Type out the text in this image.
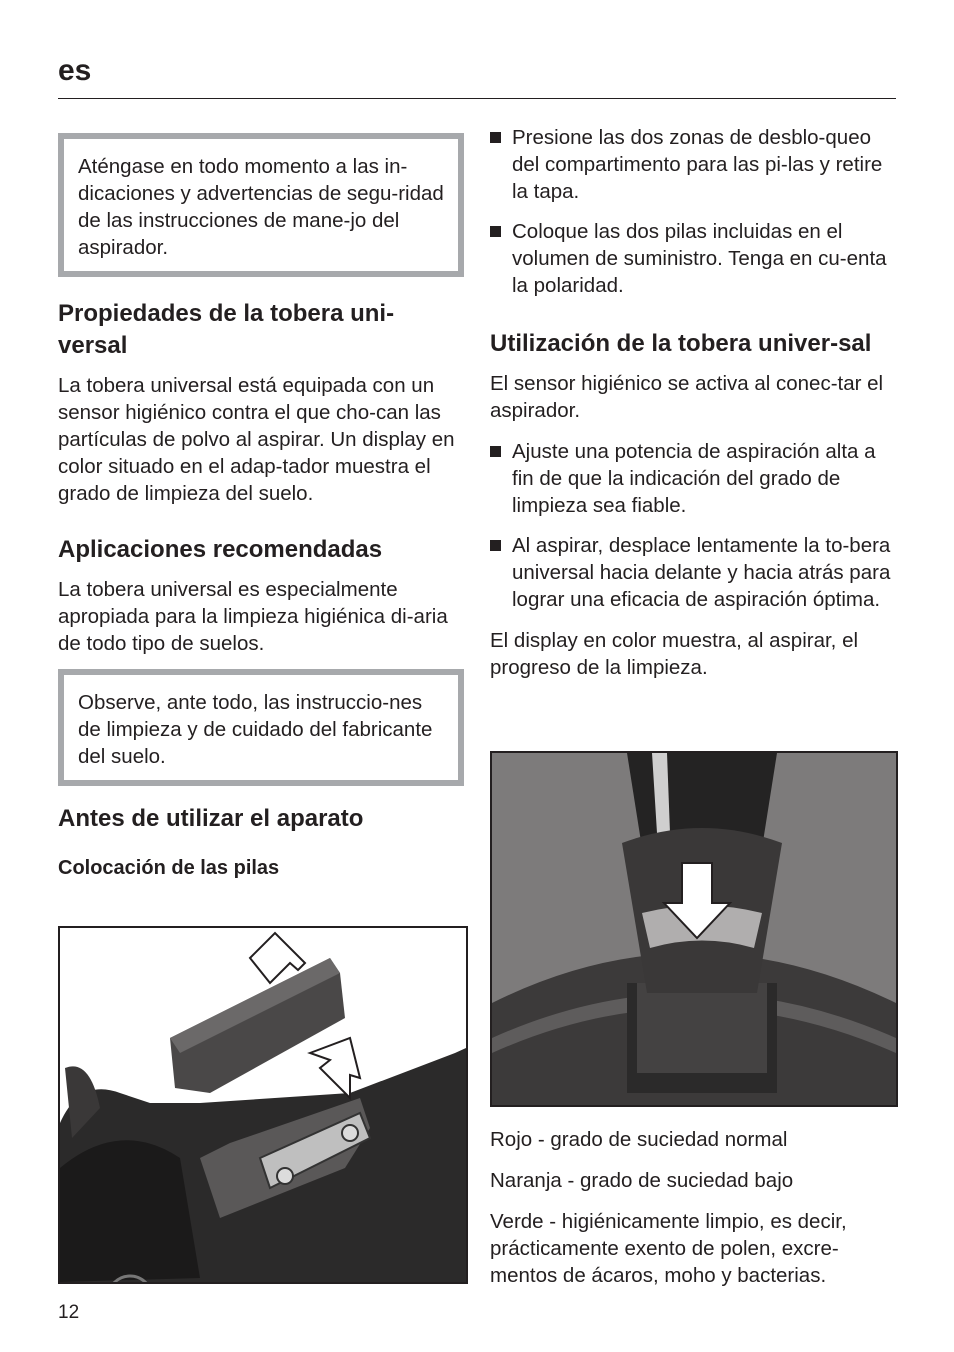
es

Aténgase en todo momento a las in-dicaciones y advertencias de segu-ridad de las instrucciones de mane-jo del aspirador.

Propiedades de la tobera uni-versal

La tobera universal está equipada con un sensor higiénico contra el que cho-can las partículas de polvo al aspirar. Un display en color situado en el adap-tador muestra el grado de limpieza del suelo.

Aplicaciones recomendadas

La tobera universal es especialmente apropiada para la limpieza higiénica di-aria de todo tipo de suelos.

Observe, ante todo, las instruccio-nes de limpieza y de cuidado del fabricante del suelo.

Antes de utilizar el aparato
Colocación de las pilas
Presione las dos zonas de desblo-queo del compartimento para las pi-las y retire la tapa.
Coloque las dos pilas incluidas en el volumen de suministro. Tenga en cu-enta la polaridad.
Utilización de la tobera univer-sal

El sensor higiénico se activa al conec-tar el aspirador.

Ajuste una potencia de aspiración alta a fin de que la indicación del grado de limpieza sea fiable.
Al aspirar, desplace lentamente la to-bera universal hacia delante y hacia atrás para lograr una eficacia de aspiración óptima.

El display en color muestra, al aspirar, el progreso de la limpieza.

Rojo - grado de suciedad normal

Naranja - grado de suciedad bajo

Verde - higiénicamente limpio, es decir, prácticamente exento de polen, excre-mentos de ácaros, moho y bacterias.

12
